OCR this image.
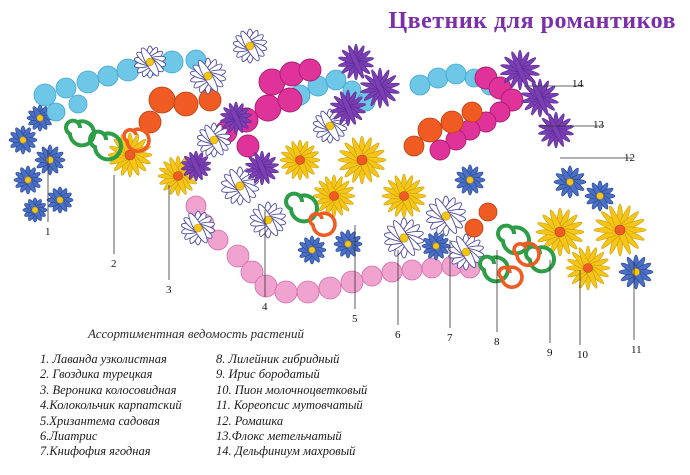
Цветник для романтиков
Ассортиментная ведомость растений
1. Лаванда узколистная
2. Гвоздика турецкая
3. Вероника колосовидная
4.Колокольчик карпатский
5.Хризантема садовая
6.Лиатрис
7.Книфофия ягодная
8. Лилейник гибридный
9. Ирис бородатый
10. Пион молочноцветковый
11. Кореопсис мутовчатый
12. Ромашка
13.Флокс метельчатый
14. Дельфиниум махровый
1
2
3
4
5
6	7	8
9 10	11
12
13
14
